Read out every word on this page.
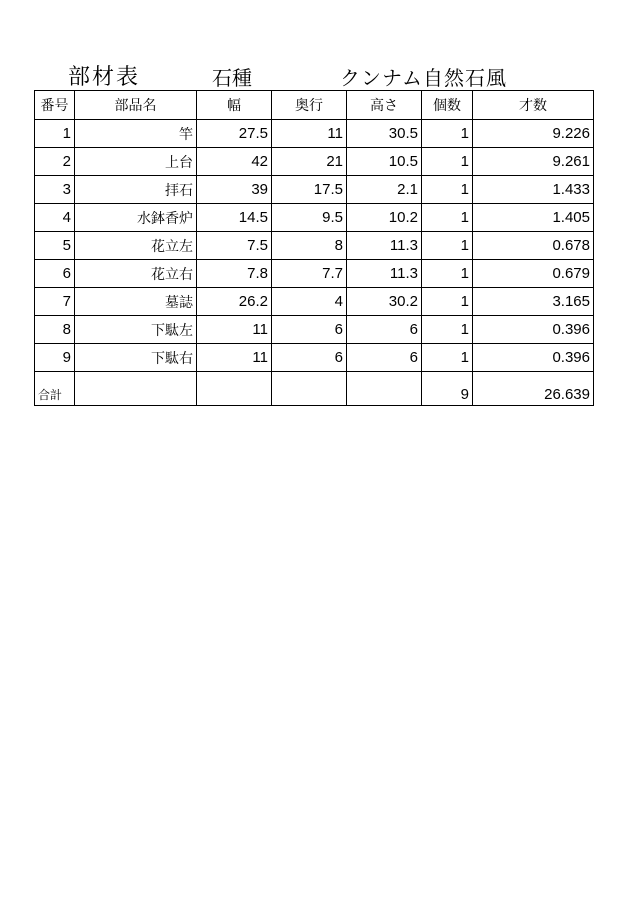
部材表	石種	クンナム自然石風
番号	部品名	幅	奥行	高さ	個数	才数
1	竿	27.5	11	30.5	1	9.226
2	上台	42	21	10.5	1	9.261
3	拝石	39	17.5	2.1	1	1.433
4	水鉢香炉	14.5	9.5	10.2	1	1.405
5	花立左	7.5	8	11.3	1	0.678
6	花立右	7.8	7.7	11.3	1	0.679
7	墓誌	26.2	4	30.2	1	3.165
8	下駄左	11	6	6	1	0.396
9	下駄右	11	6	6	1	0.396
合計					9	26.639
